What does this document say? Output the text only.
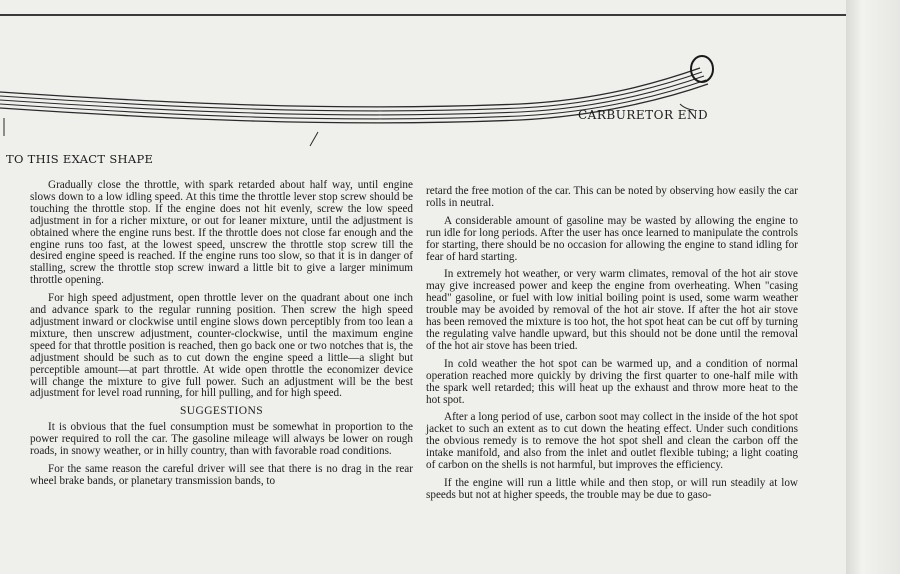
CARBURETOR END
TO THIS EXACT SHAPE

Gradually close the throttle, with spark retarded about half way, until engine slows down to a low idling speed. At this time the throttle lever stop screw should be touching the throttle stop. If the engine does not hit evenly, screw the low speed adjustment in for a richer mixture, or out for leaner mixture, until the adjustment is obtained where the engine runs best. If the throttle does not close far enough and the engine runs too fast, at the lowest speed, unscrew the throttle stop screw till the desired engine speed is reached. If the engine runs too slow, so that it is in danger of stalling, screw the throttle stop screw inward a little bit to give a larger minimum throttle opening.

For high speed adjustment, open throttle lever on the quadrant about one inch and advance spark to the regular running position. Then screw the high speed adjustment inward or clockwise until engine slows down perceptibly from too lean a mixture, then unscrew adjustment, counter-clockwise, until the maximum engine speed for that throttle position is reached, then go back one or two notches that is, the adjustment should be such as to cut down the engine speed a little—a slight but perceptible amount—at part throttle. At wide open throttle the economizer device will change the mixture to give full power. Such an adjustment will be the best adjustment for level road running, for hill pulling, and for high speed.

SUGGESTIONS

It is obvious that the fuel consumption must be somewhat in proportion to the power required to roll the car. The gasoline mileage will always be lower on rough roads, in snowy weather, or in hilly country, than with favorable road conditions.

For the same reason the careful driver will see that there is no drag in the rear wheel brake bands, or planetary transmission bands, to

retard the free motion of the car. This can be noted by observing how easily the car rolls in neutral.

A considerable amount of gasoline may be wasted by allowing the engine to run idle for long periods. After the user has once learned to manipulate the controls for starting, there should be no occasion for allowing the engine to stand idling for fear of hard starting.

In extremely hot weather, or very warm climates, removal of the hot air stove may give increased power and keep the engine from overheating. When "casing head" gasoline, or fuel with low initial boiling point is used, some warm weather trouble may be avoided by removal of the hot air stove. If after the hot air stove has been removed the mixture is too hot, the hot spot heat can be cut off by turning the regulating valve handle upward, but this should not be done until the removal of the hot air stove has been tried.

In cold weather the hot spot can be warmed up, and a condition of normal operation reached more quickly by driving the first quarter to one-half mile with the spark well retarded; this will heat up the exhaust and throw more heat to the hot spot.

After a long period of use, carbon soot may collect in the inside of the hot spot jacket to such an extent as to cut down the heating effect. Under such conditions the obvious remedy is to remove the hot spot shell and clean the carbon off the intake manifold, and also from the inlet and outlet flexible tubing; a light coating of carbon on the shells is not harmful, but improves the efficiency.

If the engine will run a little while and then stop, or will run steadily at low speeds but not at higher speeds, the trouble may be due to gaso-
